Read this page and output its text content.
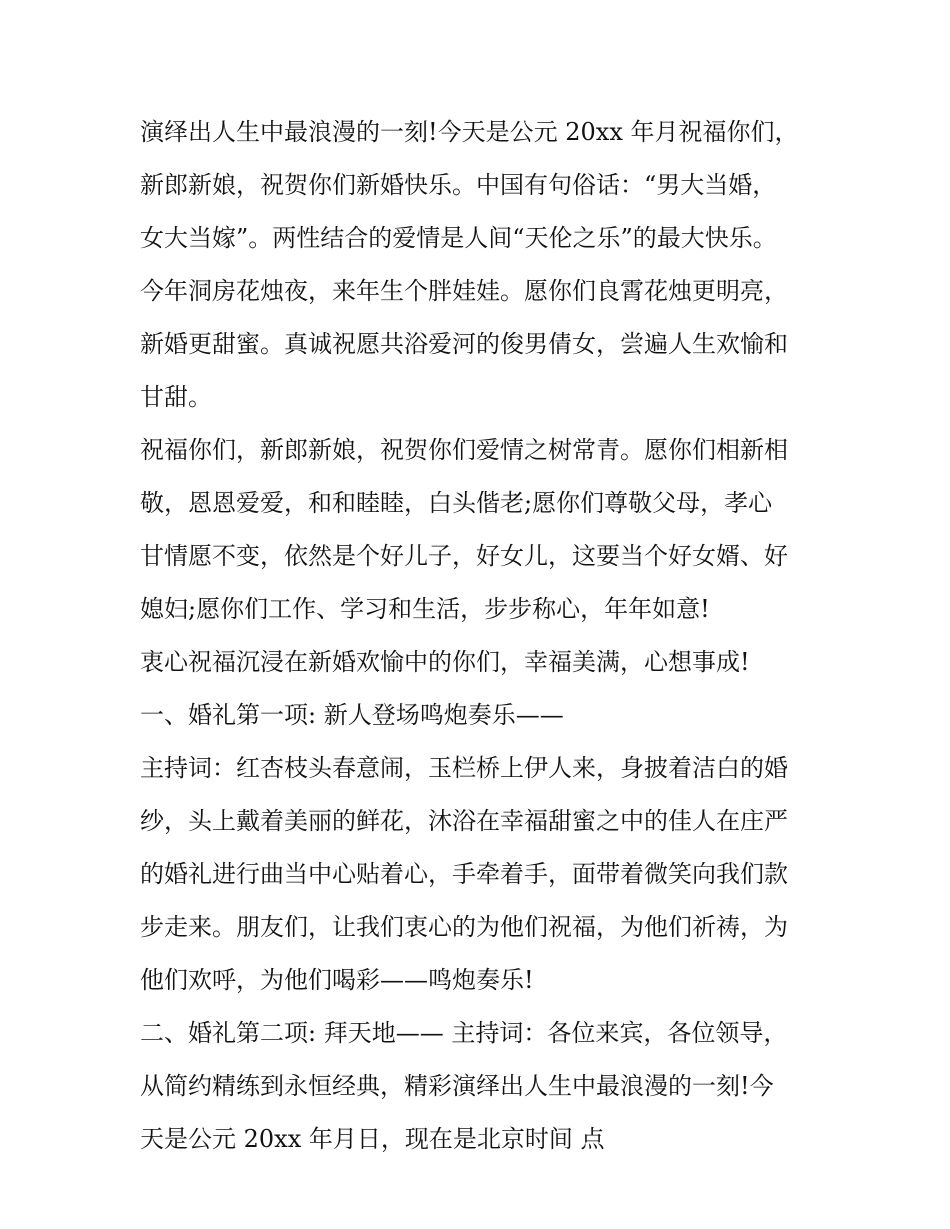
演绎出人生中最浪漫的一刻!今天是公元 20xx 年月祝福你们，
新郎新娘，祝贺你们新婚快乐。中国有句俗话：“男大当婚，
女大当嫁”。两性结合的爱情是人间“天伦之乐”的最大快乐。
今年洞房花烛夜，来年生个胖娃娃。愿你们良霄花烛更明亮，
新婚更甜蜜。真诚祝愿共浴爱河的俊男倩女，尝遍人生欢愉和
甘甜。
祝福你们，新郎新娘，祝贺你们爱情之树常青。愿你们相新相
敬，恩恩爱爱，和和睦睦，白头偕老;愿你们尊敬父母，孝心
甘情愿不变，依然是个好儿子，好女儿，这要当个好女婿、好
媳妇;愿你们工作、学习和生活，步步称心，年年如意!
衷心祝福沉浸在新婚欢愉中的你们，幸福美满，心想事成!
一、婚礼第一项: 新人登场鸣炮奏乐——
主持词：红杏枝头春意闹，玉栏桥上伊人来，身披着洁白的婚
纱，头上戴着美丽的鲜花，沐浴在幸福甜蜜之中的佳人在庄严
的婚礼进行曲当中心贴着心，手牵着手，面带着微笑向我们款
步走来。朋友们，让我们衷心的为他们祝福，为他们祈祷，为
他们欢呼，为他们喝彩——鸣炮奏乐!
二、婚礼第二项: 拜天地—— 主持词：各位来宾，各位领导，
从简约精练到永恒经典，精彩演绎出人生中最浪漫的一刻!今
天是公元 20xx 年月日，现在是北京时间 点
